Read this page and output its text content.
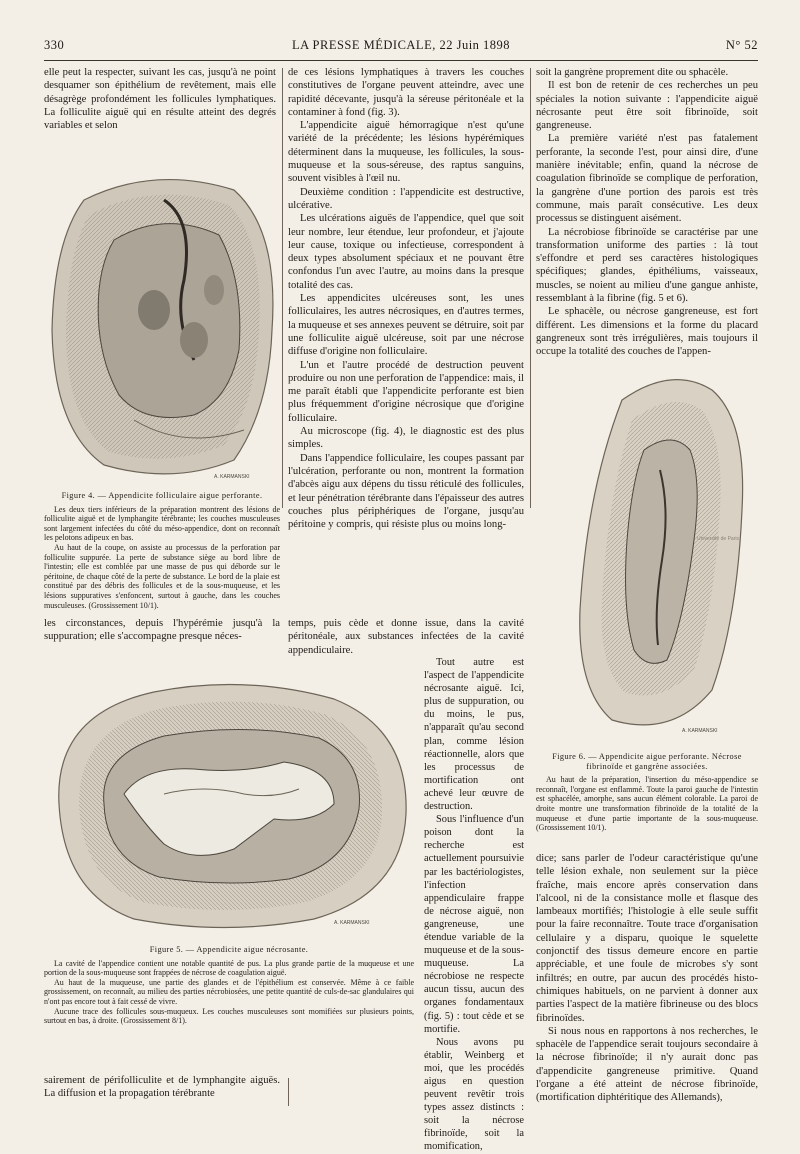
330	LA PRESSE MÉDICALE, 22 Juin 1898	N° 52

elle peut la respecter, suivant les cas, jusqu'à ne point desquamer son épithélium de revêtement, mais elle désagrège profondément les follicules lymphatiques. La folliculite aiguë qui en résulte atteint des degrés variables et selon

de ces lésions lymphatiques à travers les couches constitutives de l'organe peuvent atteindre, avec une rapidité décevante, jusqu'à la séreuse péritonéale et la contaminer à fond (fig. 3).

L'appendicite aiguë hémorragique n'est qu'une variété de la précédente; les lésions hypérémiques déterminent dans la muqueuse, les follicules, la sous-muqueuse et la sous-séreuse, des raptus sanguins, souvent visibles à l'œil nu.

Deuxième condition : l'appendicite est destructive, ulcérative.

Les ulcérations aiguës de l'appendice, quel que soit leur nombre, leur étendue, leur profondeur, et j'ajoute leur cause, toxique ou infectieuse, correspondent à deux types absolument spéciaux et ne pouvant être confondus l'un avec l'autre, au moins dans la presque totalité des cas.

Les appendicites ulcéreuses sont, les unes folliculaires, les autres nécrosiques, en d'autres termes, la muqueuse et ses annexes peuvent se détruire, soit par une folliculite aiguë ulcéreuse, soit par une nécrose diffuse d'origine non folliculaire.

L'un et l'autre procédé de destruction peuvent produire ou non une perforation de l'appendice: mais, il me paraît établi que l'appendicite perforante est bien plus fréquemment d'origine nécrosique que d'origine folliculaire.

Au microscope (fig. 4), le diagnostic est des plus simples.

Dans l'appendice folliculaire, les coupes passant par l'ulcération, perforante ou non, montrent la formation d'abcès aigu aux dépens du tissu réticulé des follicules, et leur pénétration térébrante dans l'épaisseur des autres couches plus périphériques de l'organe, jusqu'au péritoine y compris, qui résiste plus ou moins long-

soit la gangrène proprement dite ou sphacèle.

Il est bon de retenir de ces recherches un peu spéciales la notion suivante : l'appendicite aiguë nécrosante peut être soit fibrinoïde, soit gangreneuse.

La première variété n'est pas fatalement perforante, la seconde l'est, pour ainsi dire, d'une manière inévitable; enfin, quand la nécrose de coagulation fibrinoïde se complique de perforation, la gangrène d'une portion des parois est très commune, mais paraît consécutive. Les deux processus se distinguent aisément.

La nécrobiose fibrinoïde se caractérise par une transformation uniforme des parties : là tout s'effondre et perd ses caractères histologiques spécifiques; glandes, épithéliums, vaisseaux, muscles, se noient au milieu d'une gangue anhiste, ressemblant à la fibrine (fig. 5 et 6).

Le sphacèle, ou nécrose gangreneuse, est fort différent. Les dimensions et la forme du placard gangreneux sont très irrégulières, mais toujours il occupe la totalité des couches de l'appen-

A. KARMANSKI
Figure 4. — Appendicite folliculaire aigue perforante.

Les deux tiers inférieurs de la préparation montrent des lésions de folliculite aiguë et de lymphangite térébrante; les couches musculeuses sont largement infectées du côté du méso-appendice, dont on reconnaît les pelotons adipeux en bas.

Au haut de la coupe, on assiste au processus de la perforation par folliculite suppurée. La perte de substance siège au bord libre de l'intestin; elle est comblée par une masse de pus qui déborde sur le péritoine, de chaque côté de la perte de substance. Le bord de la plaie est constitué par des débris des follicules et de la sous-muqueuse, et les lésions suppuratives s'enfoncent, surtout à gauche, dans les couches musculeuses. (Grossissement 10/1).

les circonstances, depuis l'hypérémie jusqu'à la suppuration; elle s'accompagne presque néces-

temps, puis cède et donne issue, dans la cavité péritonéale, aux substances infectées de la cavité appendiculaire.

Tout autre est l'aspect de l'appendicite nécrosante aiguë. Ici, plus de suppuration, ou du moins, le pus, n'apparaît qu'au second plan, comme lésion réactionnelle, alors que les processus de mortification ont achevé leur œuvre de destruction.

Sous l'influence d'un poison dont la recherche est actuellement poursuivie par les bactériologistes, l'infection appendiculaire frappe de nécrose aiguë, non gangreneuse, une étendue variable de la muqueuse et de la sous-muqueuse. La nécrobiose ne respecte aucun tissu, aucun des organes fondamentaux (fig. 5) : tout cède et se mortifie.

Nous avons pu établir, Weinberg et moi, que les procédés aigus en question peuvent revêtir trois types assez distincts : soit la nécrose fibrinoïde, soit la momification,

A. KARMANSKI
Figure 5. — Appendicite aigue nécrosante.

La cavité de l'appendice contient une notable quantité de pus. La plus grande partie de la muqueuse et une portion de la sous-muqueuse sont frappées de nécrose de coagulation aiguë.

Au haut de la muqueuse, une partie des glandes et de l'épithélium est conservée. Même à ce faible grossissement, on reconnaît, au milieu des parties nécrobiosées, une petite quantité de culs-de-sac glandulaires qui n'ont pas encore tout à fait cessé de vivre.

Aucune trace des follicules sous-muqueux. Les couches musculeuses sont momifiées sur plusieurs points, surtout en bas, à droite. (Grossissement 8/1).

sairement de périfolliculite et de lymphangite aiguës. La diffusion et la propagation térébrante

A. KARMANSKI
Université de Paris
Figure 6. — Appendicite aigue perforante. Nécrose fibrinoïde et gangrène associées.

Au haut de la préparation, l'insertion du méso-appendice se reconnaît, l'organe est enflammé. Toute la paroi gauche de l'intestin est sphacélée, amorphe, sans aucun élément colorable. La paroi de droite montre une transformation fibrinoïde de la totalité de la muqueuse et d'une partie importante de la sous-muqueuse. (Grossissement 10/1).

dice; sans parler de l'odeur caractéristique qu'une telle lésion exhale, non seulement sur la pièce fraîche, mais encore après conservation dans l'alcool, ni de la consistance molle et flasque des lambeaux mortifiés; l'histologie à elle seule suffit pour la faire reconnaître. Toute trace d'organisation cellulaire y a disparu, quoique le squelette conjonctif des tissus demeure encore en partie appréciable, et une foule de microbes s'y sont infiltrés; en outre, par aucun des procédés histo-chimiques habituels, on ne parvient à donner aux parties l'aspect de la matière fibrineuse ou des blocs fibrinoïdes.

Si nous nous en rapportons à nos recherches, le sphacèle de l'appendice serait toujours secondaire à la nécrose fibrinoïde; il n'y aurait donc pas d'appendicite gangreneuse primitive. Quand l'organe a été atteint de nécrose fibrinoïde, (mortification diphtéritique des Allemands),
